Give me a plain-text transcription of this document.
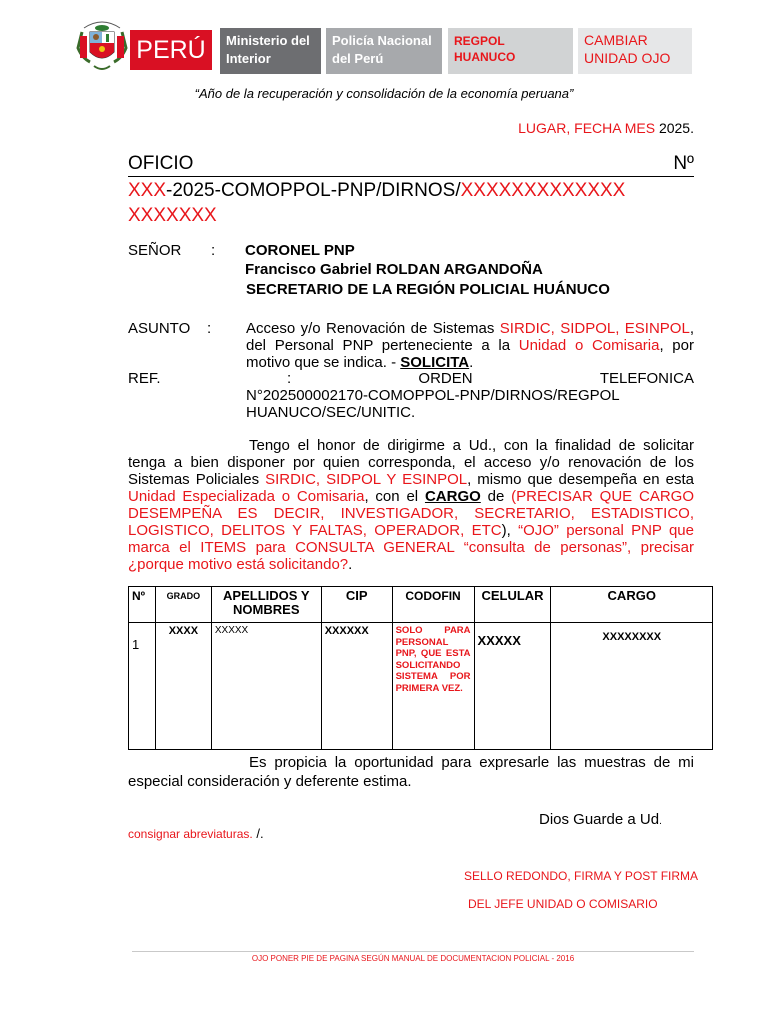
PERÚ	Ministerio del
Interior
Policía Nacional
del Perú
REGPOL
HUANUCO
CAMBIAR
UNIDAD OJO
“Año de la recuperación y consolidación de la economía peruana”
LUGAR, FECHA MES 2025.
OFICIO	Nº
XXX-2025-COMOPPOL-PNP/DIRNOS/XXXXXXXXXXXXX
XXXXXXX
SEÑOR : CORONEL PNP
Francisco Gabriel ROLDAN ARGANDOÑA
SECRETARIO DE LA REGIÓN POLICIAL HUÁNUCO
ASUNTO : Acceso y/o Renovación de Sistemas SIRDIC, SIDPOL, ESINPOL, del Personal PNP perteneciente a la Unidad o Comisaria, por motivo que se indica. - SOLICITA.
REF.	:	ORDEN	TELEFONICA
N°202500002170-COMOPPOL-PNP/DIRNOS/REGPOL
HUANUCO/SEC/UNITIC.
Tengo el honor de dirigirme a Ud., con la finalidad de solicitar tenga a bien disponer por quien corresponda, el acceso y/o renovación de los Sistemas Policiales SIRDIC, SIDPOL Y ESINPOL, mismo que desempeña en esta Unidad Especializada o Comisaria, con el CARGO de (PRECISAR QUE CARGO DESEMPEÑA ES DECIR, INVESTIGADOR, SECRETARIO, ESTADISTICO, LOGISTICO, DELITOS Y FALTAS, OPERADOR, ETC), “OJO” personal PNP que marca el ITEMS para CONSULTA GENERAL “consulta de personas”, precisar ¿porque motivo está solicitando?.
Nº	GRADO	APELLIDOS Y NOMBRES	CIP	CODOFIN	CELULAR	CARGO
1	XXXX	XXXXX	XXXXXX	SOLO PARA PERSONAL PNP, QUE ESTA SOLICITANDO SISTEMA POR PRIMERA VEZ.	XXXXX	XXXXXXXX
Es propicia la oportunidad para expresarle las muestras de mi especial consideración y deferente estima.
Dios Guarde a Ud.
consignar abreviaturas. /.
SELLO REDONDO, FIRMA Y POST FIRMA
DEL JEFE UNIDAD O COMISARIO
OJO PONER PIE DE PAGINA SEGÚN MANUAL DE DOCUMENTACION POLICIAL - 2016
